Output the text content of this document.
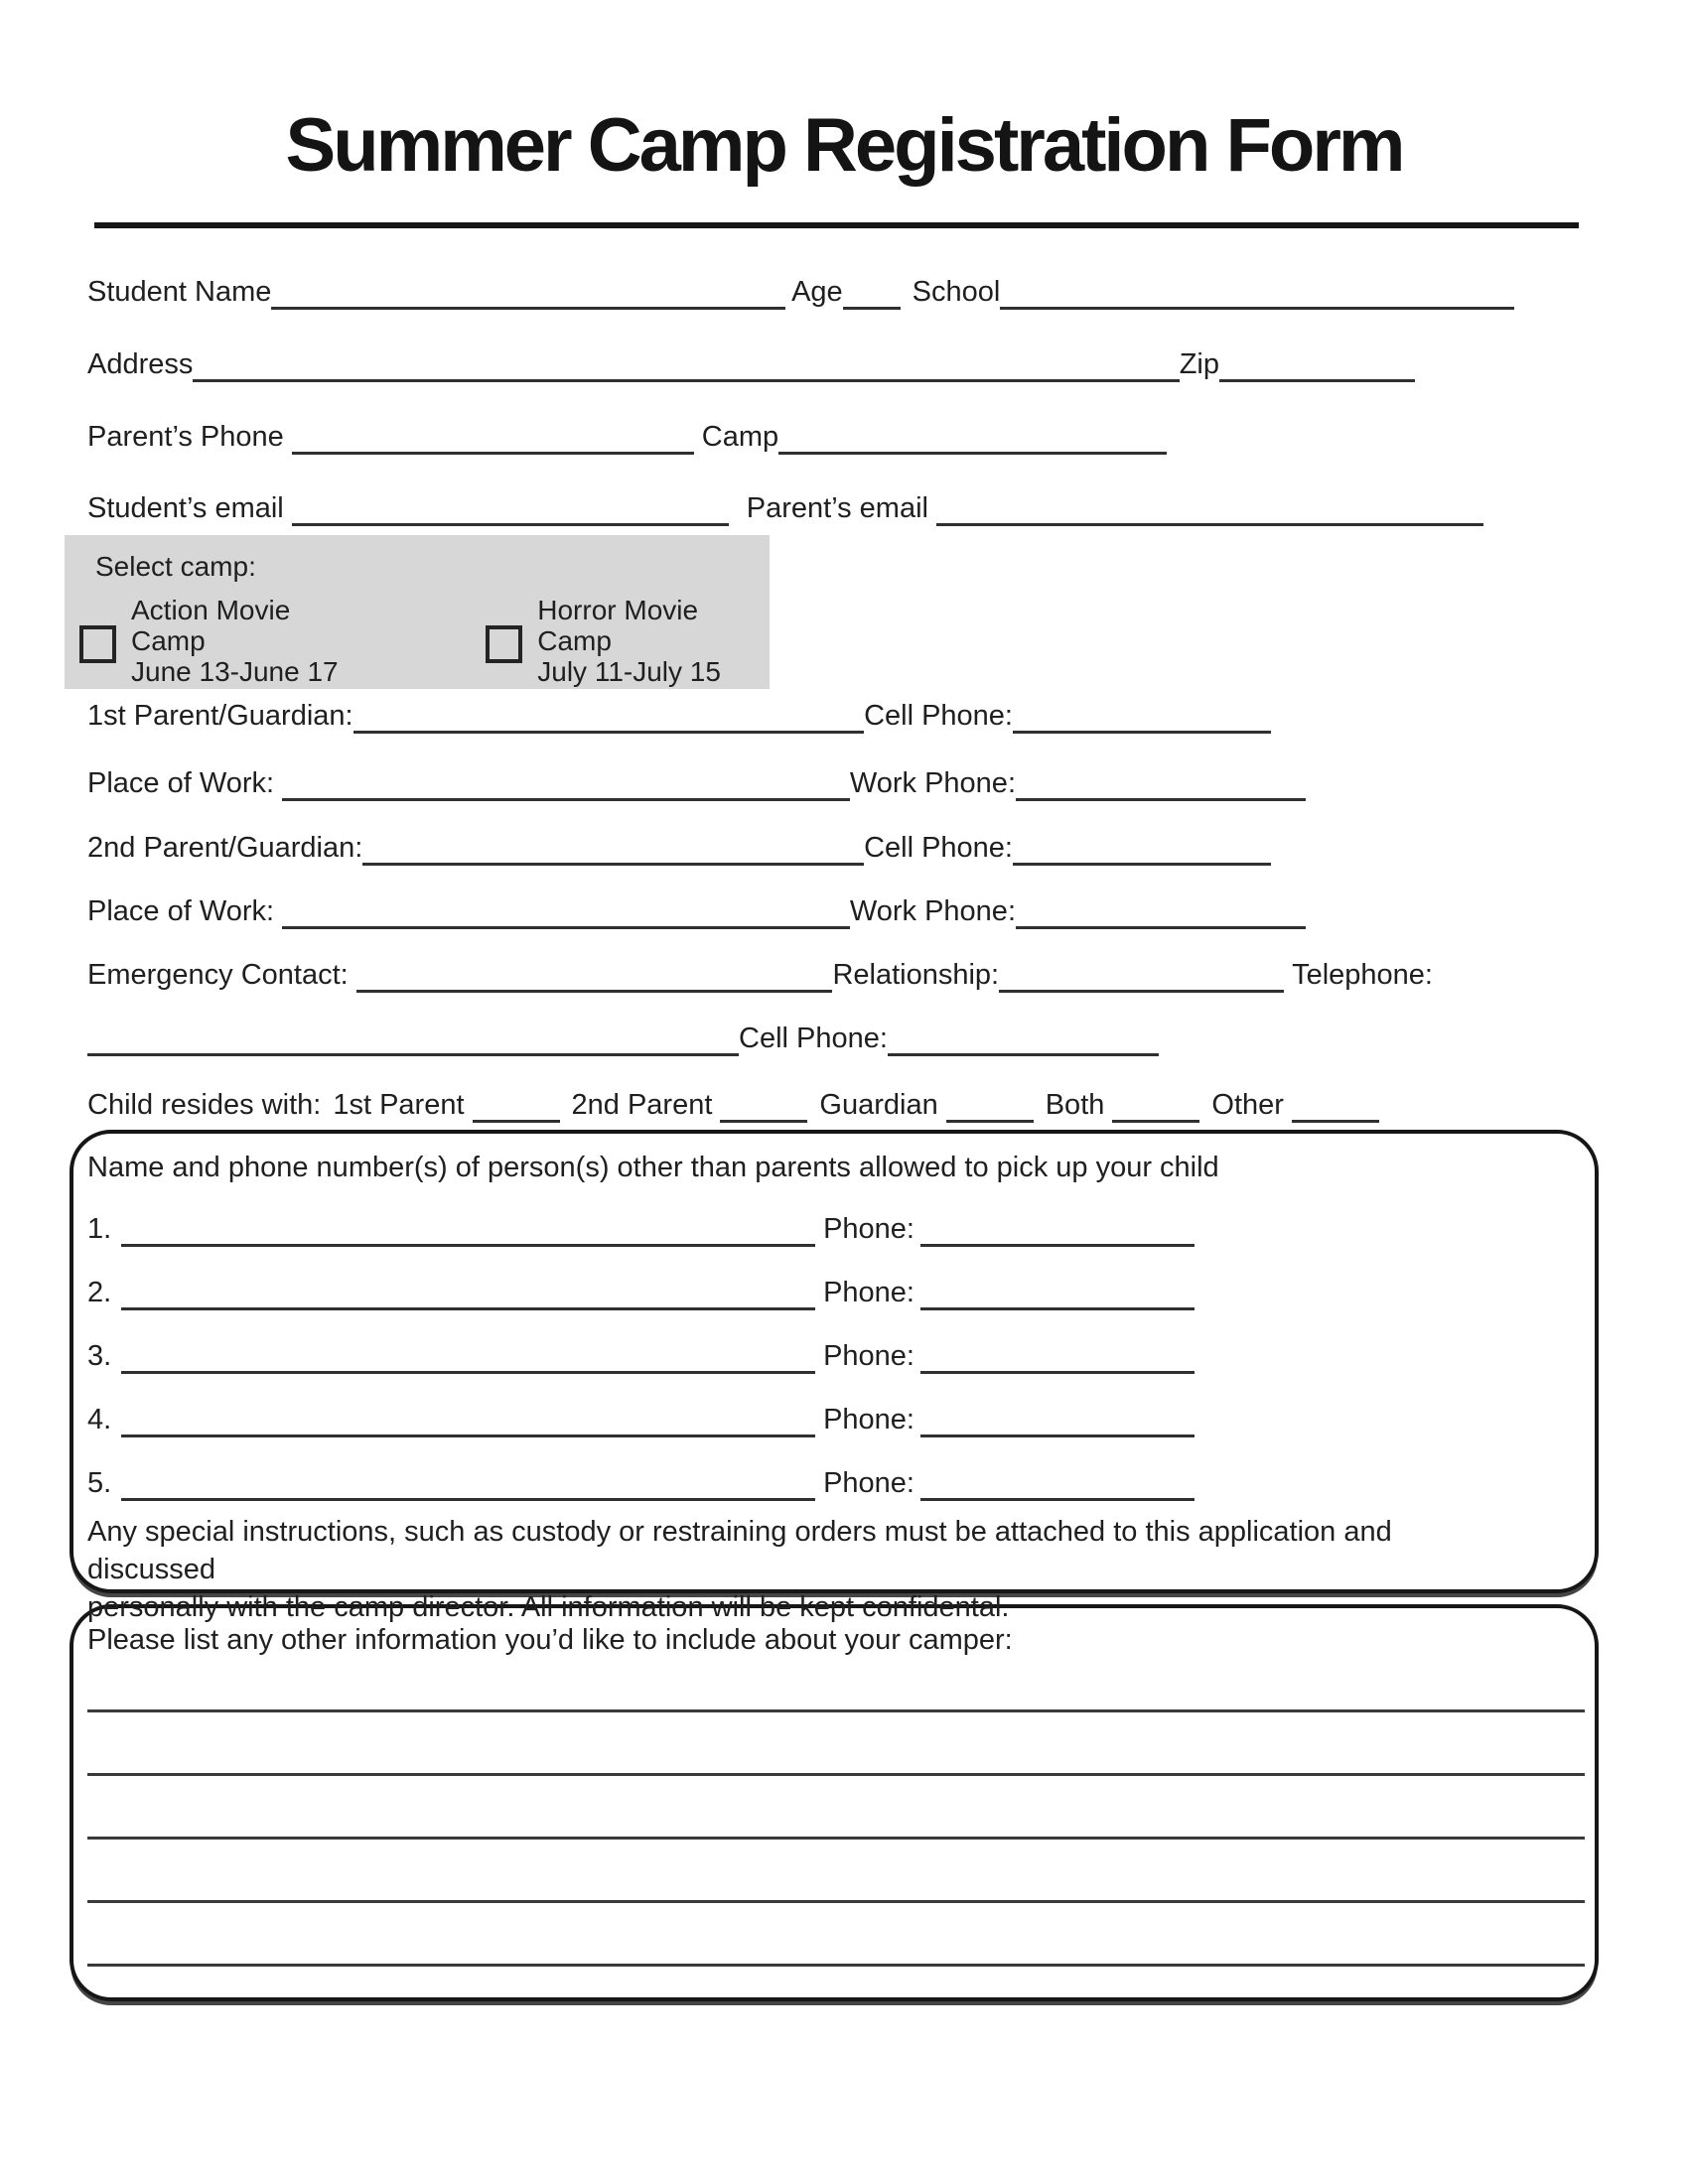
Summer Camp Registration Form
Student Name	Age School
Address	Zip
Parent’s Phone	Camp
Student’s email	Parent’s email
Select camp:
Action Movie Camp
June 13-June 17
Horror Movie Camp
July 11-July 15
1st Parent/Guardian:	Cell Phone:
Place of Work:	Work Phone:
2nd Parent/Guardian:	Cell Phone:
Place of Work:	Work Phone:
Emergency Contact:	Relationship:	Telephone:
Cell Phone:
Child resides with: 1st Parent	2nd Parent	Guardian	Both	Other
Name and phone number(s) of person(s) other than parents allowed to pick up your child
1.	Phone:
2.	Phone:
3.	Phone:
4.	Phone:
5.	Phone:
Any special instructions, such as custody or restraining orders must be attached to this application and discussed
personally with the camp director. All information will be kept confidental.
Please list any other information you’d like to include about your camper:
